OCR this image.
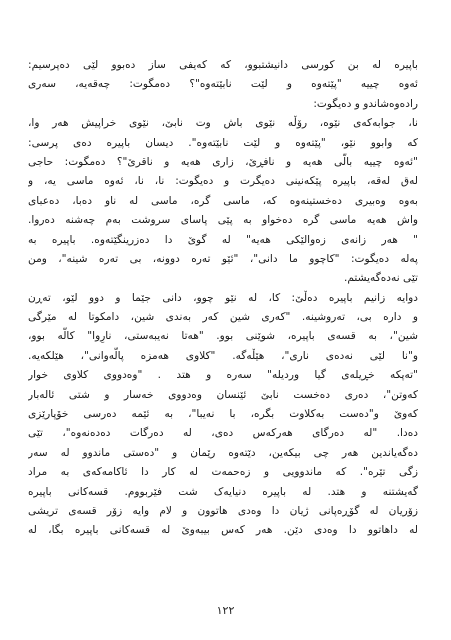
باپیره له بن کورسی دانیشتبوو، که کەیفی ساز دەبوو لێی دەپرسیم:
ئەوە چییە "پێتەوە و لێت نابێتەوە"؟ دەمگوت: چەقەیە، سەری
رادەوەشاندو و دەیگوت:
نا، جوابەکەی نێوە، رۆڵە نێوی باش وت نابێ، نێوی خراپیش هەر وا،
که وابوو نێو، "پێتەوە و لێت نابێتەوە". دیسان باپیره دەی پرسی:
"ئەوە چییە بالّی هەیە و نافڕێ، زاری هەیە و ناقرێ"؟ دەمگوت: حاجی
لەق لەقە، باپیره پێکەنینی دەیگرت و دەیگوت: نا، نا، ئەوە ماسی یە، و
بەوە وەبیری دەخستینەوە کە، ماسی گرە، ماسی لە ناو دەبا، دەعبای
واش هەیە ماسی گرە دەخواو بە پێی پاسای سروشت بەم چەشنە دەروا.
" هەر زانەی زەوالێکی هەیە" له گوێ دا دەزرینگێتەوە. باپیره بە
پەلە دەیگوت: "کاچوو ما دانی"، "ئێو تەرە دوونە، بی تەرە شینە"، ومن
تێی نەدەگەیشتم.
دوایە زانیم باپیره دەڵێ: کا، لە نێو چوو، دانی جێما و دوو لێو، تەڕن
و دارە بی، تەروشینە. "کەری شین کەر بەندی شین، دامکوتا لە مێرگی
شین"، بە قسەی باپیره، شوێنی بوو. "هەتا نەیبەستی، نارِوا" کالّه بوو،
و"نا لێی نەدەی ناری"، هێڵەگە. "کلاوی هەمزە پالّەوانی"، هێلکەیە.
"تەپکە خڕیلەی گیا وردیلە" سەرە و هتد . "وەدووی کلاوی خوار
کەوتن"، دەری دەخست نابێ ئێنسان وەدووی خەسار و شتی ئالەبار
کەوێ و"دەست بەکلاوت بگرە، با نەیبا"، بە ئێمە دەرسی خۆپارێزی
دەدا. "له دەرگای هەرکەس دەی، له دەرگات دەدەنەوە"، تێی
دەگەیاندین هەر چی بیکەین، دێتەوە رێمان و "دەستی ماندوو لە سەر
زگی تێرە". کە ماندوویی و زەحمەت لە کار دا ئاکامەکەی بە مراد
گەیشتنە و هتد. لە باپیره دنیایەک شت فێربووم. قسەکانی باپیره
زۆریان لە گۆڕەپانی ژیان دا وەدی هاتوون و لام وایە زۆر قسەی تریشی
لە داهاتوو دا وەدی دێن. هەر کەس بیبەوێ لە قسەکانی باپیره بگا، لە
١٢٢
